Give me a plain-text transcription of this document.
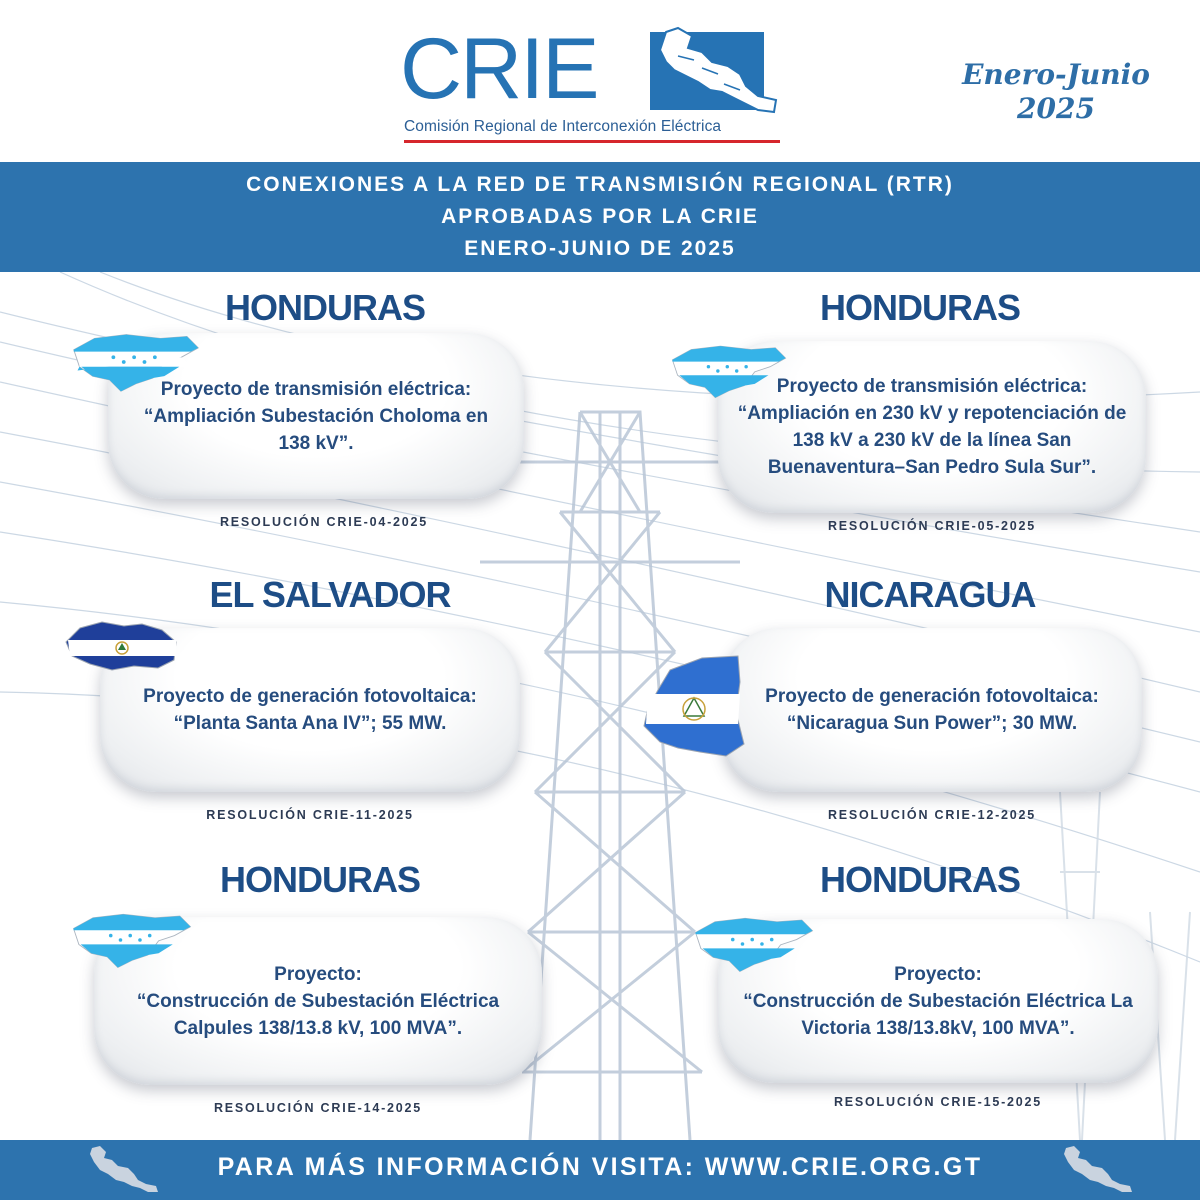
CRIE
Comisión Regional de Interconexión Eléctrica
Enero-Junio
2025
CONEXIONES A LA RED DE TRANSMISIÓN REGIONAL (RTR)
APROBADAS POR LA CRIE
ENERO-JUNIO DE 2025
HONDURAS
Proyecto de transmisión eléctrica:
“Ampliación Subestación Choloma en 138 kV”.
RESOLUCIÓN CRIE-04-2025
HONDURAS
Proyecto de transmisión eléctrica:
“Ampliación en 230 kV y repotenciación de 138 kV a 230 kV de la línea San Buenaventura–San Pedro Sula Sur”.
RESOLUCIÓN CRIE-05-2025
EL SALVADOR
Proyecto de generación fotovoltaica:
“Planta Santa Ana IV”; 55 MW.
RESOLUCIÓN CRIE-11-2025
NICARAGUA
Proyecto de generación fotovoltaica:
“Nicaragua Sun Power”; 30 MW.
RESOLUCIÓN CRIE-12-2025
HONDURAS
Proyecto:
“Construcción de Subestación Eléctrica Calpules 138/13.8 kV, 100 MVA”.
RESOLUCIÓN CRIE-14-2025
HONDURAS
Proyecto:
“Construcción de Subestación Eléctrica La Victoria 138/13.8kV, 100 MVA”.
RESOLUCIÓN CRIE-15-2025
PARA MÁS INFORMACIÓN VISITA: WWW.CRIE.ORG.GT
